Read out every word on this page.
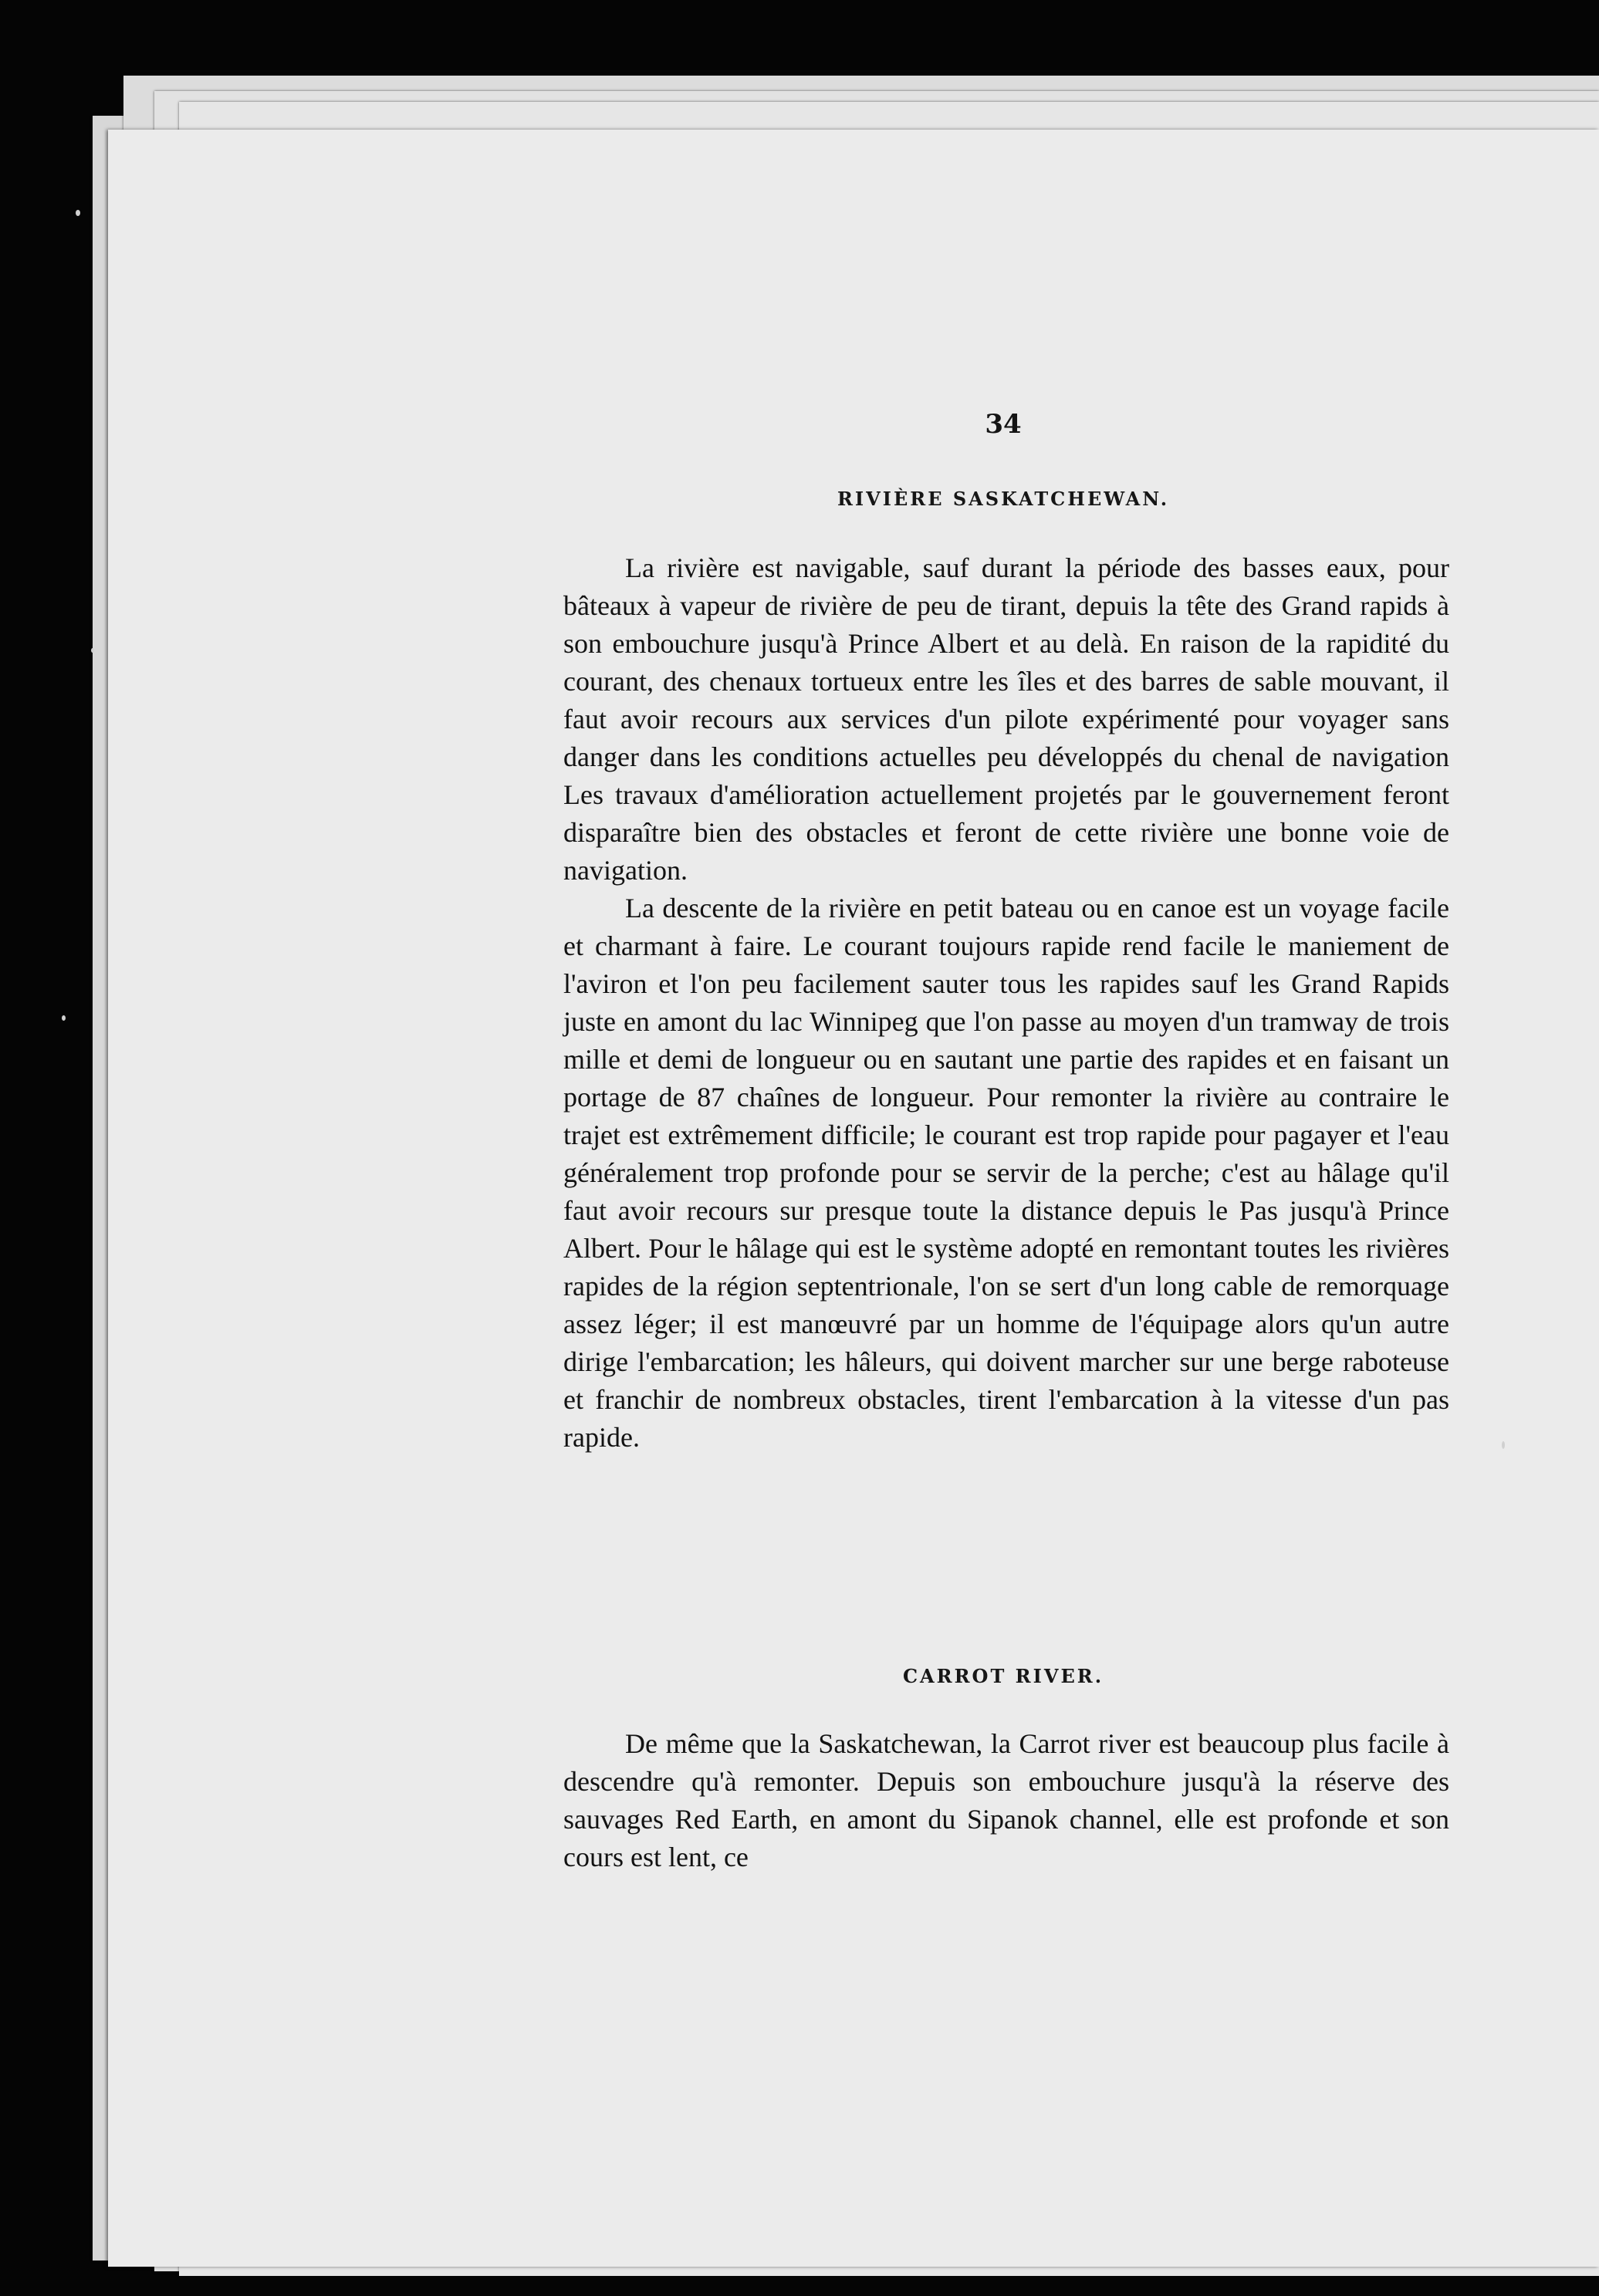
34
RIVIÈRE SASKATCHEWAN.

La rivière est navigable, sauf durant la période des basses eaux, pour bâteaux à vapeur de rivière de peu de tirant, depuis la tête des Grand rapids à son embouchure jusqu'à Prince Albert et au delà. En raison de la rapidité du courant, des chenaux tortueux entre les îles et des barres de sable mouvant, il faut avoir recours aux services d'un pilote expérimenté pour voyager sans danger dans les conditions actuelles peu développés du chenal de navigation Les travaux d'amélioration actuellement projetés par le gouvernement feront disparaître bien des obstacles et feront de cette rivière une bonne voie de navigation.

La descente de la rivière en petit bateau ou en canoe est un voyage facile et charmant à faire. Le courant toujours rapide rend facile le maniement de l'aviron et l'on peu facilement sauter tous les rapides sauf les Grand Rapids juste en amont du lac Winnipeg que l'on passe au moyen d'un tramway de trois mille et demi de longueur ou en sautant une partie des rapides et en faisant un portage de 87 chaînes de longueur. Pour remonter la rivière au contraire le trajet est extrêmement difficile; le courant est trop rapide pour pagayer et l'eau généralement trop profonde pour se servir de la perche; c'est au hâlage qu'il faut avoir recours sur presque toute la distance depuis le Pas jusqu'à Prince Albert. Pour le hâlage qui est le système adopté en remontant toutes les rivières rapides de la région septentrionale, l'on se sert d'un long cable de remorquage assez léger; il est manœuvré par un homme de l'équipage alors qu'un autre dirige l'embarcation; les hâleurs, qui doivent marcher sur une berge raboteuse et franchir de nombreux obstacles, tirent l'embarcation à la vitesse d'un pas rapide.

CARROT RIVER.

De même que la Saskatchewan, la Carrot river est beaucoup plus facile à descendre qu'à remonter. Depuis son embouchure jusqu'à la réserve des sauvages Red Earth, en amont du Sipanok channel, elle est profonde et son cours est lent, ce
